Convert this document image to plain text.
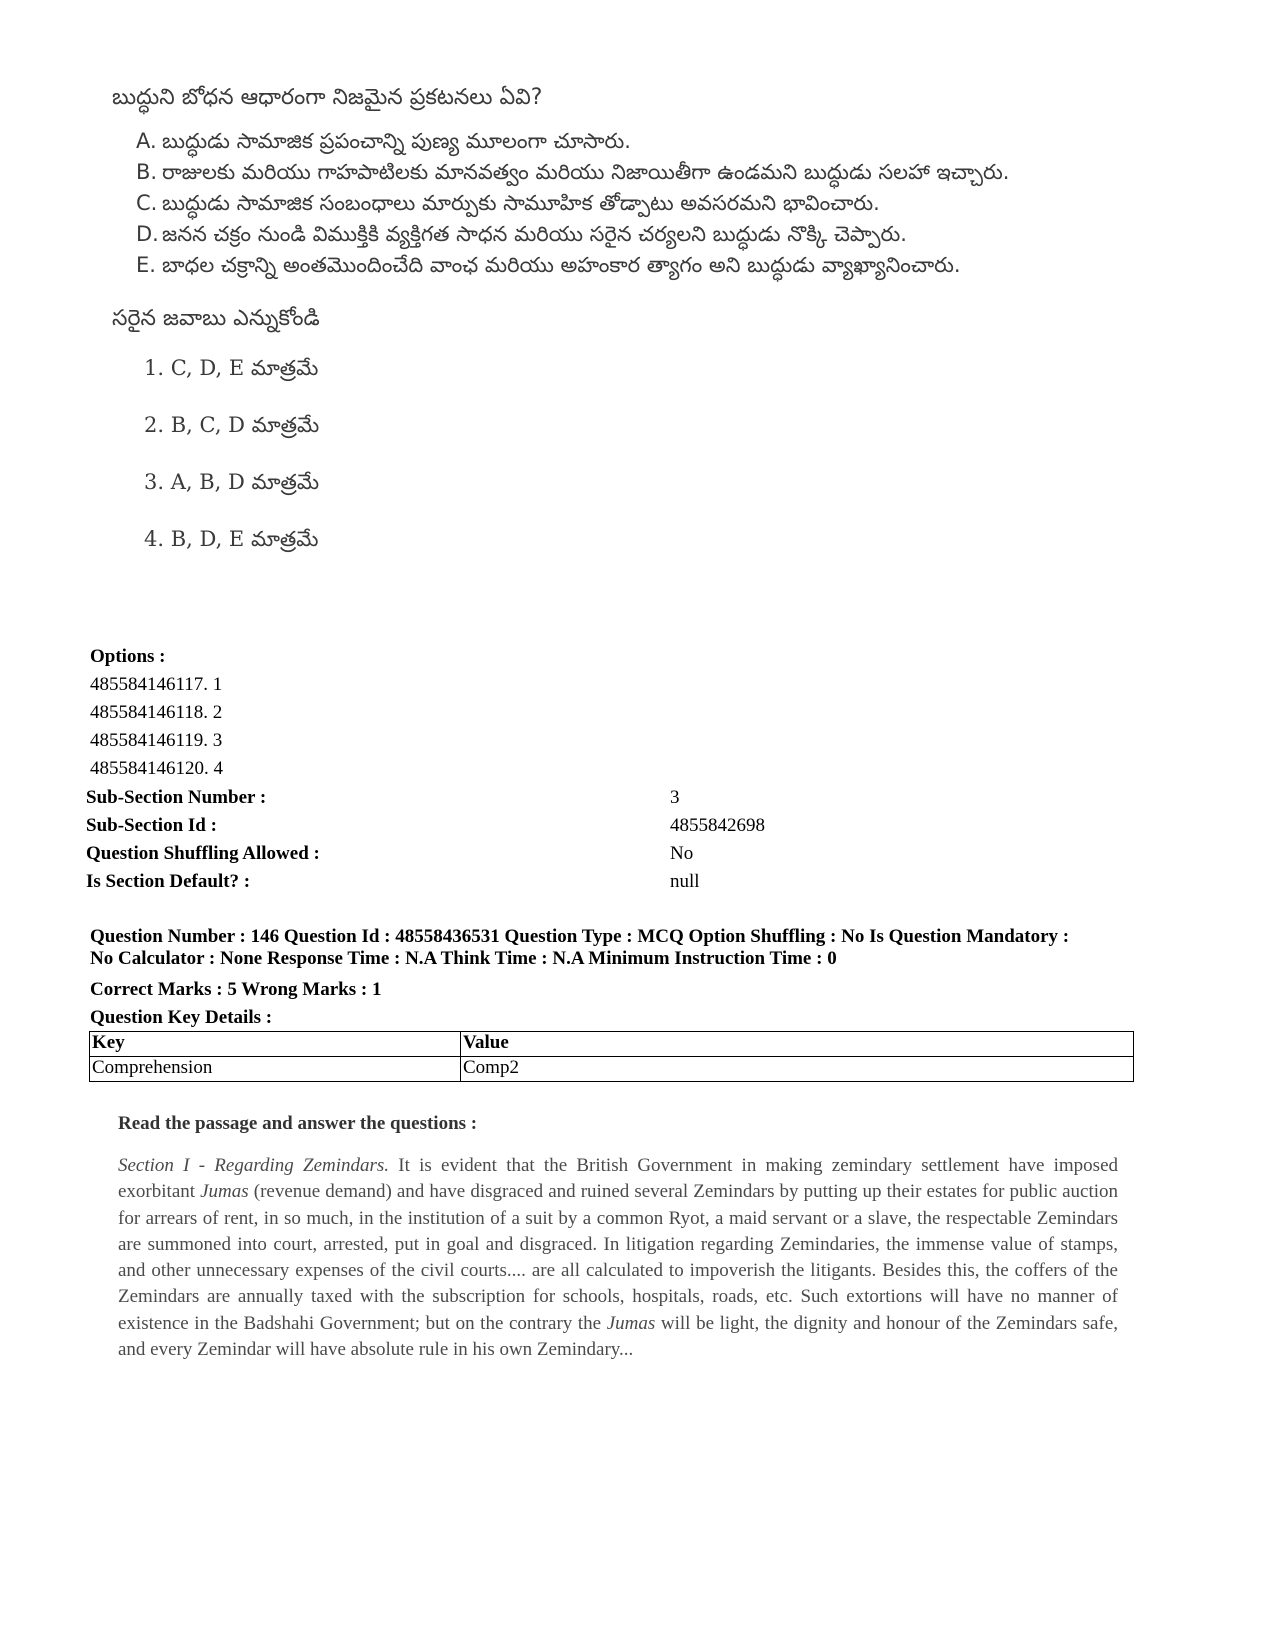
బుద్ధుని బోధన ఆధారంగా నిజమైన ప్రకటనలు ఏవి?

A. బుద్ధుడు సామాజిక ప్రపంచాన్ని పుణ్య మూలంగా చూసారు.
B. రాజులకు మరియు గాహపాటిలకు మానవత్వం మరియు నిజాయితీగా ఉండమని బుద్ధుడు సలహా ఇచ్చారు.
C. బుద్ధుడు సామాజిక సంబంధాలు మార్పుకు సామూహిక తోడ్పాటు అవసరమని భావించారు.
D. జనన చక్రం నుండి విముక్తికి వ్యక్తిగత సాధన మరియు సరైన చర్యలని బుద్ధుడు నొక్కి చెప్పారు.
E. బాధల చక్రాన్ని అంతమొందించేది వాంఛ మరియు అహంకార త్యాగం అని బుద్ధుడు వ్యాఖ్యానించారు.

సరైన జవాబు ఎన్నుకోండి

1. C, D, E మాత్రమే
2. B, C, D మాత్రమే
3. A, B, D మాత్రమే
4. B, D, E మాత్రమే
Options :
485584146117. 1
485584146118. 2
485584146119. 3
485584146120. 4
Sub-Section Number :	3
Sub-Section Id :	4855842698
Question Shuffling Allowed :	No
Is Section Default? :	null

Question Number : 146 Question Id : 48558436531 Question Type : MCQ Option Shuffling : No Is Question Mandatory :

No Calculator : None Response Time : N.A Think Time : N.A Minimum Instruction Time : 0

Correct Marks : 5 Wrong Marks : 1

Question Key Details :

Key	Value
Comprehension	Comp2

Read the passage and answer the questions :

Section I - Regarding Zemindars. It is evident that the British Government in making zemindary settlement have imposed exorbitant Jumas (revenue demand) and have disgraced and ruined several Zemindars by putting up their estates for public auction for arrears of rent, in so much, in the institution of a suit by a common Ryot, a maid servant or a slave, the respectable Zemindars are summoned into court, arrested, put in goal and disgraced. In litigation regarding Zemindaries, the immense value of stamps, and other unnecessary expenses of the civil courts.... are all calculated to impoverish the litigants. Besides this, the coffers of the Zemindars are annually taxed with the subscription for schools, hospitals, roads, etc. Such extortions will have no manner of existence in the Badshahi Government; but on the contrary the Jumas will be light, the dignity and honour of the Zemindars safe, and every Zemindar will have absolute rule in his own Zemindary...
